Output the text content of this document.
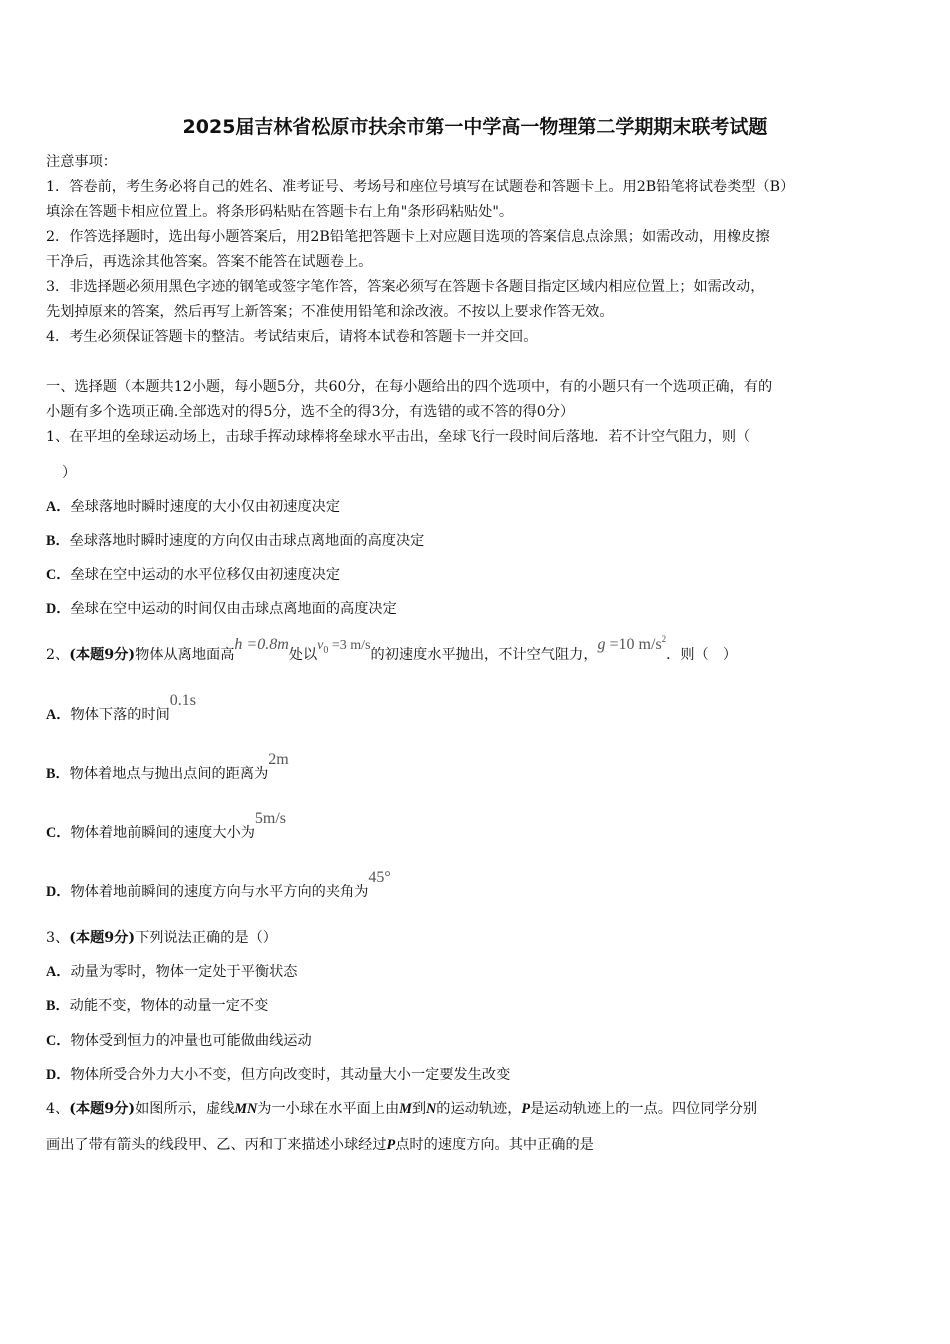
2025届吉林省松原市扶余市第一中学高一物理第二学期期末联考试题
注意事项：
1．答卷前，考生务必将自己的姓名、准考证号、考场号和座位号填写在试题卷和答题卡上。用2B铅笔将试卷类型（B）
填涂在答题卡相应位置上。将条形码粘贴在答题卡右上角"条形码粘贴处"。
2．作答选择题时，选出每小题答案后，用2B铅笔把答题卡上对应题目选项的答案信息点涂黑；如需改动，用橡皮擦
干净后，再选涂其他答案。答案不能答在试题卷上。
3．非选择题必须用黑色字迹的钢笔或签字笔作答，答案必须写在答题卡各题目指定区域内相应位置上；如需改动，
先划掉原来的答案，然后再写上新答案；不准使用铅笔和涂改液。不按以上要求作答无效。
4．考生必须保证答题卡的整洁。考试结束后，请将本试卷和答题卡一并交回。
一、选择题（本题共12小题，每小题5分，共60分，在每小题给出的四个选项中，有的小题只有一个选项正确，有的
小题有多个选项正确.全部选对的得5分，选不全的得3分，有选错的或不答的得0分）
1、在平坦的垒球运动场上，击球手挥动球棒将垒球水平击出，垒球飞行一段时间后落地．若不计空气阻力，则（
）
A．垒球落地时瞬时速度的大小仅由初速度决定
B．垒球落地时瞬时速度的方向仅由击球点离地面的高度决定
C．垒球在空中运动的水平位移仅由初速度决定
D．垒球在空中运动的时间仅由击球点离地面的高度决定
2、(本题9分)物体从离地面高h =0.8m处以$v_0 =3$ m/s的初速度水平抛出，不计空气阻力，g =10 $m/s^2$．则（　）
A．物体下落的时间0.1s
B．物体着地点与抛出点间的距离为2m
C．物体着地前瞬间的速度大小为5m/s
D．物体着地前瞬间的速度方向与水平方向的夹角为45°
3、(本题9分)下列说法正确的是（）
A．动量为零时，物体一定处于平衡状态
B．动能不变，物体的动量一定不变
C．物体受到恒力的冲量也可能做曲线运动
D．物体所受合外力大小不变，但方向改变时，其动量大小一定要发生改变
4、(本题9分)如图所示，虚线MN为一小球在水平面上由M到N的运动轨迹，P是运动轨迹上的一点。四位同学分别
画出了带有箭头的线段甲、乙、丙和丁来描述小球经过P点时的速度方向。其中正确的是
